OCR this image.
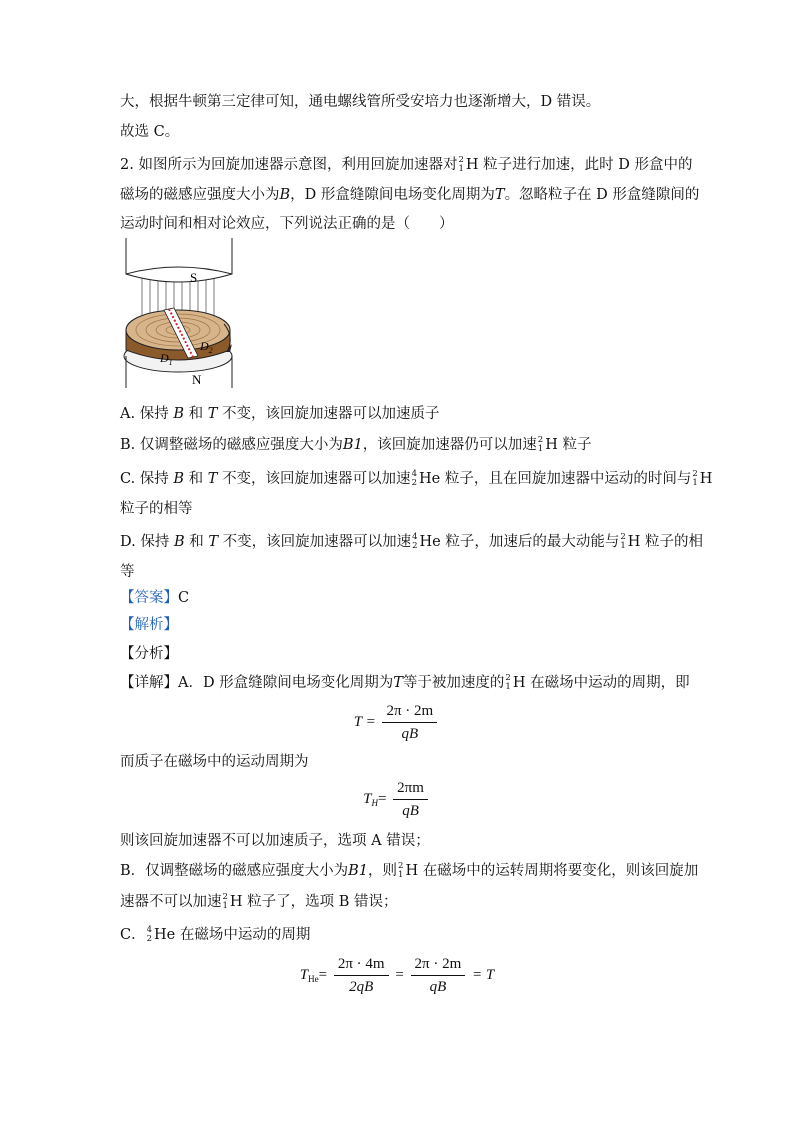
大，根据牛顿第三定律可知，通电螺线管所受安培力也逐渐增大，D 错误。
故选 C。
2. 如图所示为回旋加速器示意图，利用回旋加速器对 2
1 H 粒子进行加速，此时 D 形盒中的
磁场的磁感应强度大小为B，D 形盒缝隙间电场变化周期为T。忽略粒子在 D 形盒缝隙间的
运动时间和相对论效应，下列说法正确的是（　　）
S
N
$D_1$
$D_2$
A. 保持 B 和 T 不变，该回旋加速器可以加速质子
B. 仅调整磁场的磁感应强度大小为B1，该回旋加速器仍可以加速 2
1 H 粒子
C. 保持 B 和 T 不变，该回旋加速器可以加速 4
2 He 粒子，且在回旋加速器中运动的时间与 2
1 H
粒子的相等
D. 保持 B 和 T 不变，该回旋加速器可以加速 4
2 He 粒子，加速后的最大动能与 2
1 H 粒子的相
等
【答案】C
【解析】
【分析】
【详解】A．D 形盒缝隙间电场变化周期为T等于被加速度的 2
1 H 在磁场中运动的周期，即
$T = \frac{2\pi \cdot 2m}{qB}$
而质子在磁场中的运动周期为
$T_H= \frac{2\pi m}{qB}$
则该回旋加速器不可以加速质子，选项 A 错误；
B．仅调整磁场的磁感应强度大小为B1，则 2
1 H 在磁场中的运转周期将要变化，则该回旋加
速器不可以加速 2
1 H 粒子了，选项 B 错误；
C． 4
2 He 在磁场中运动的周期
$T_{He}= \frac{2\pi \cdot 4m}{2qB} = \frac{2\pi \cdot 2m}{qB} = T$
